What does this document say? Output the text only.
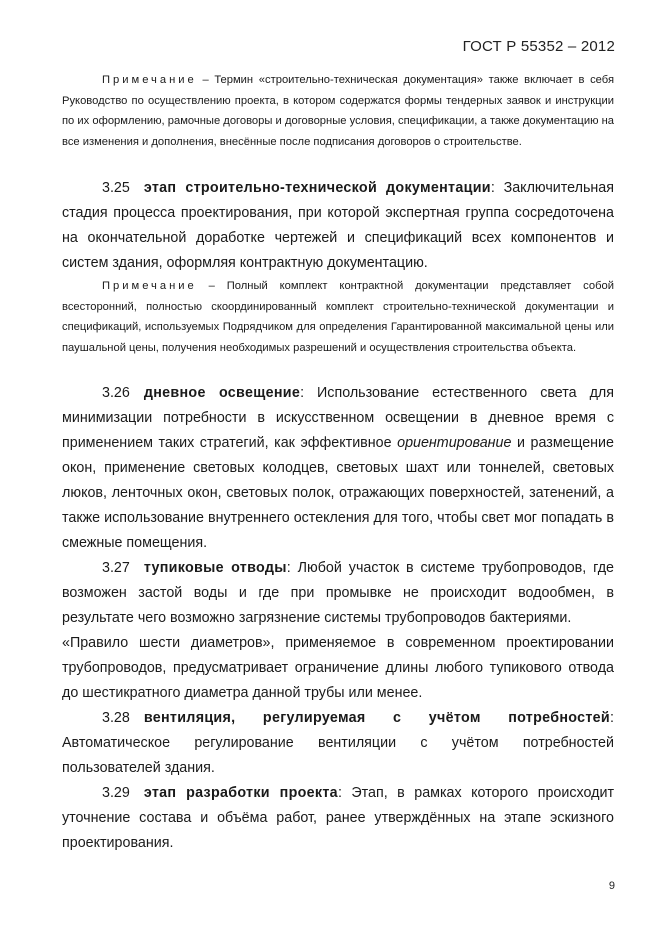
ГОСТ Р 55352 – 2012
Примечание – Термин «строительно-техническая документация» также включает в себя Руководство по осуществлению проекта, в котором содержатся формы тендерных заявок и инструкции по их оформлению, рамочные договоры и договорные условия, спецификации, а также документацию на все изменения и дополнения, внесённые после подписания договоров о строительстве.
3.25 этап строительно-технической документации: Заключительная стадия процесса проектирования, при которой экспертная группа сосредоточена на окончательной доработке чертежей и спецификаций всех компонентов и систем здания, оформляя контрактную документацию.
Примечание – Полный комплект контрактной документации представляет собой всесторонний, полностью скоординированный комплект строительно-технической документации и спецификаций, используемых Подрядчиком для определения Гарантированной максимальной цены или паушальной цены, получения необходимых разрешений и осуществления строительства объекта.
3.26 дневное освещение: Использование естественного света для минимизации потребности в искусственном освещении в дневное время с применением таких стратегий, как эффективное ориентирование и размещение окон, применение световых колодцев, световых шахт или тоннелей, световых люков, ленточных окон, световых полок, отражающих поверхностей, затенений, а также использование внутреннего остекления для того, чтобы свет мог попадать в смежные помещения.
3.27 тупиковые отводы: Любой участок в системе трубопроводов, где возможен застой воды и где при промывке не происходит водообмен, в результате чего возможно загрязнение системы трубопроводов бактериями.
«Правило шести диаметров», применяемое в современном проектировании трубопроводов, предусматривает ограничение длины любого тупикового отвода до шестикратного диаметра данной трубы или менее.
3.28 вентиляция, регулируемая с учётом потребностей: Автоматическое регулирование вентиляции с учётом потребностей пользователей здания.
3.29 этап разработки проекта: Этап, в рамках которого происходит уточнение состава и объёма работ, ранее утверждённых на этапе эскизного проектирования.
9
